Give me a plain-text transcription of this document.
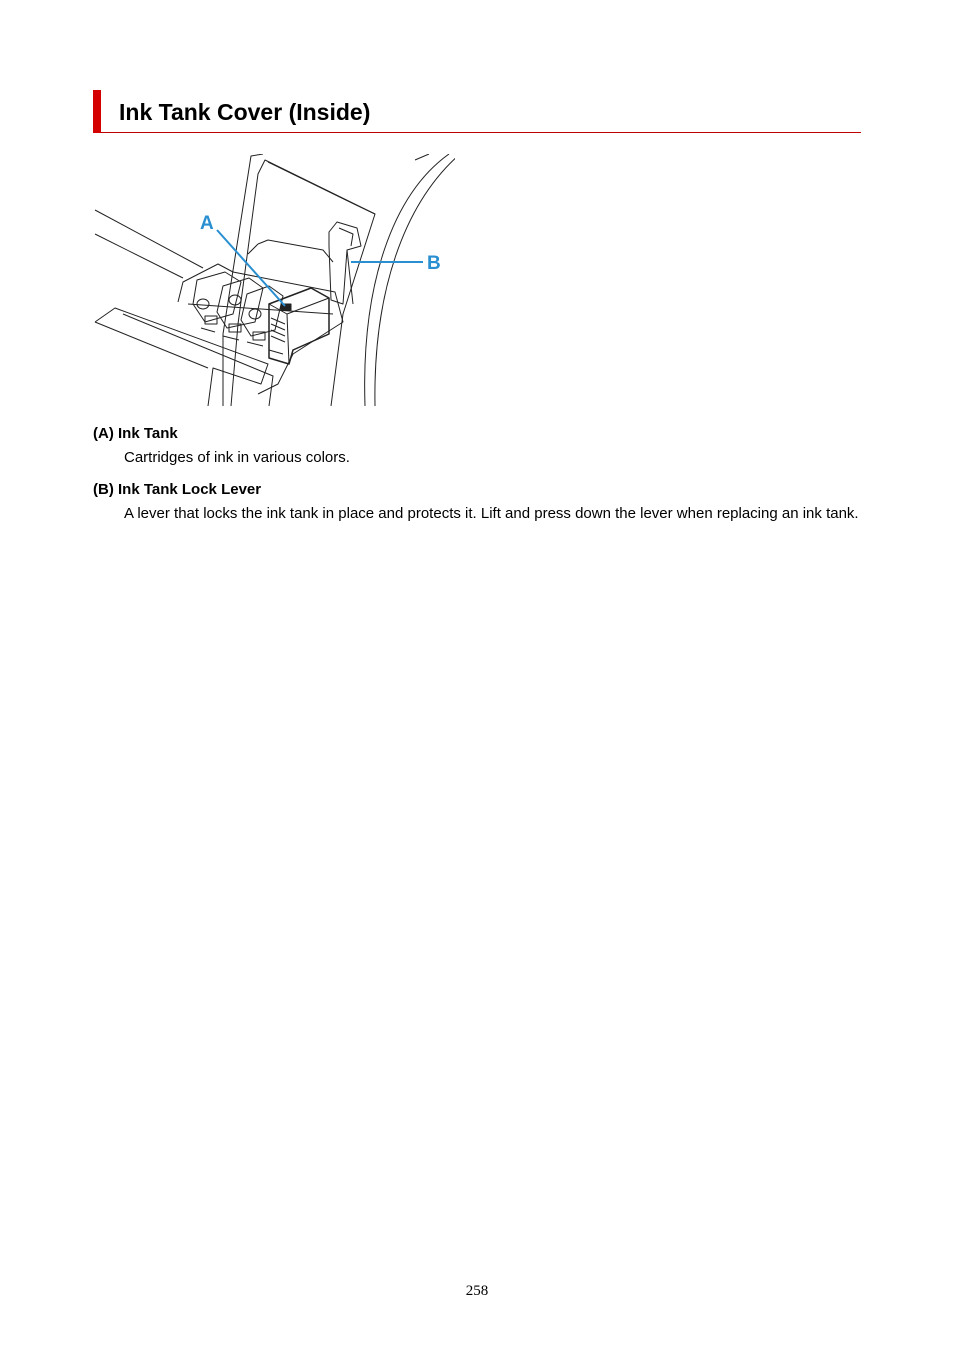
Ink Tank Cover (Inside)
A
B
(A) Ink Tank
Cartridges of ink in various colors.
(B) Ink Tank Lock Lever
A lever that locks the ink tank in place and protects it. Lift and press down the lever when replacing an ink tank.
258
